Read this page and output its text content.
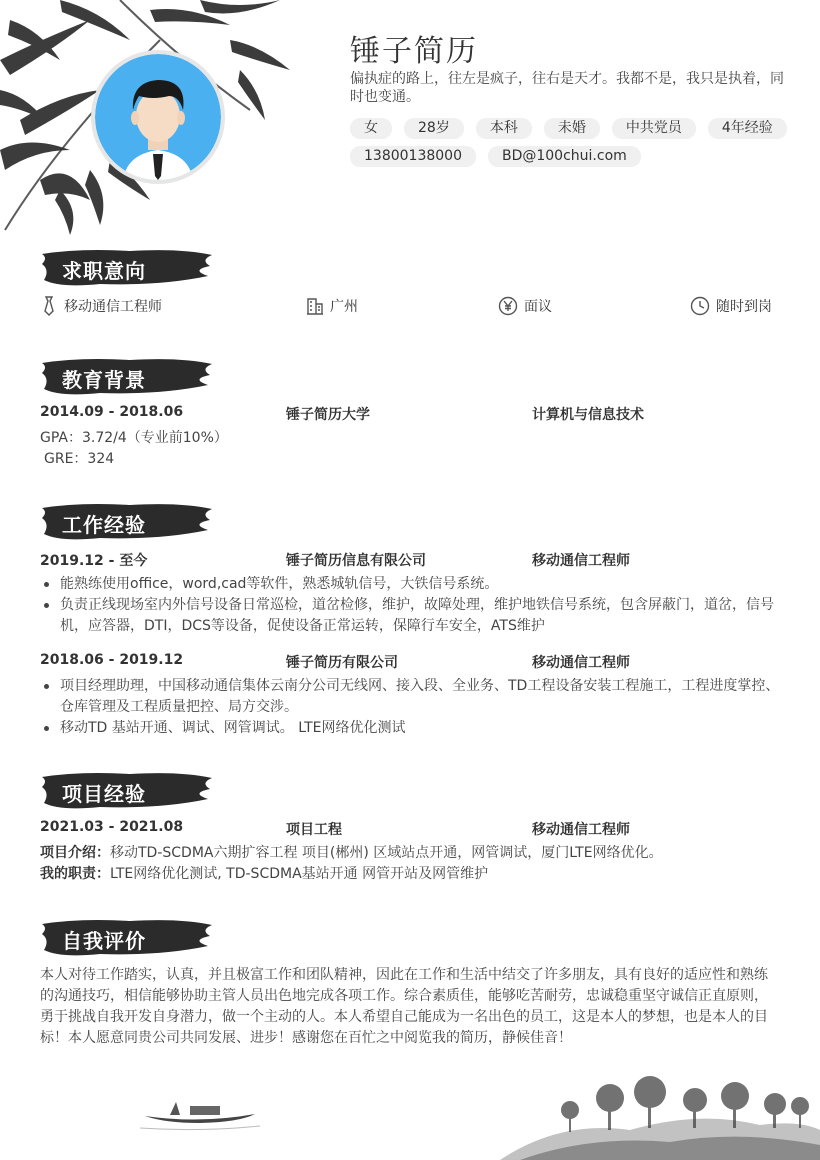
锤子简历
偏执症的路上，往左是疯子，往右是天才。我都不是，我只是执着，同时也变通。
女	28岁	本科	未婚	中共党员	4年经验
13800138000	BD@100chui.com
求职意向
移动通信工程师	广州	面议	随时到岗
教育背景
2014.09 - 2018.06	锤子简历大学	计算机与信息技术
GPA：3.72/4（专业前10%）
GRE：324
工作经验
2019.12 - 至今	锤子简历信息有限公司	移动通信工程师
能熟练使用office，word,cad等软件，熟悉城轨信号，大铁信号系统。
负责正线现场室内外信号设备日常巡检，道岔检修，维护，故障处理，维护地铁信号系统，包含屏蔽门，道岔，信号机，应答器，DTI，DCS等设备，促使设备正常运转，保障行车安全，ATS维护
2018.06 - 2019.12	锤子简历有限公司	移动通信工程师
项目经理助理，中国移动通信集体云南分公司无线网、接入段、全业务、TD工程设备安装工程施工，工程进度掌控、仓库管理及工程质量把控、局方交涉。
移动TD 基站开通、调试、网管调试。 LTE网络优化测试
项目经验
2021.03 - 2021.08	项目工程	移动通信工程师
项目介绍：移动TD-SCDMA六期扩容工程 项目(郴州) 区域站点开通，网管调试，厦门LTE网络优化。
我的职责：LTE网络优化测试, TD-SCDMA基站开通 网管开站及网管维护
自我评价
本人对待工作踏实，认真，并且极富工作和团队精神，因此在工作和生活中结交了许多朋友，具有良好的适应性和熟练的沟通技巧，相信能够协助主管人员出色地完成各项工作。综合素质佳，能够吃苦耐劳，忠诚稳重坚守诚信正直原则，勇于挑战自我开发自身潜力，做一个主动的人。本人希望自己能成为一名出色的员工，这是本人的梦想，也是本人的目标！本人愿意同贵公司共同发展、进步！感谢您在百忙之中阅览我的简历，静候佳音！
